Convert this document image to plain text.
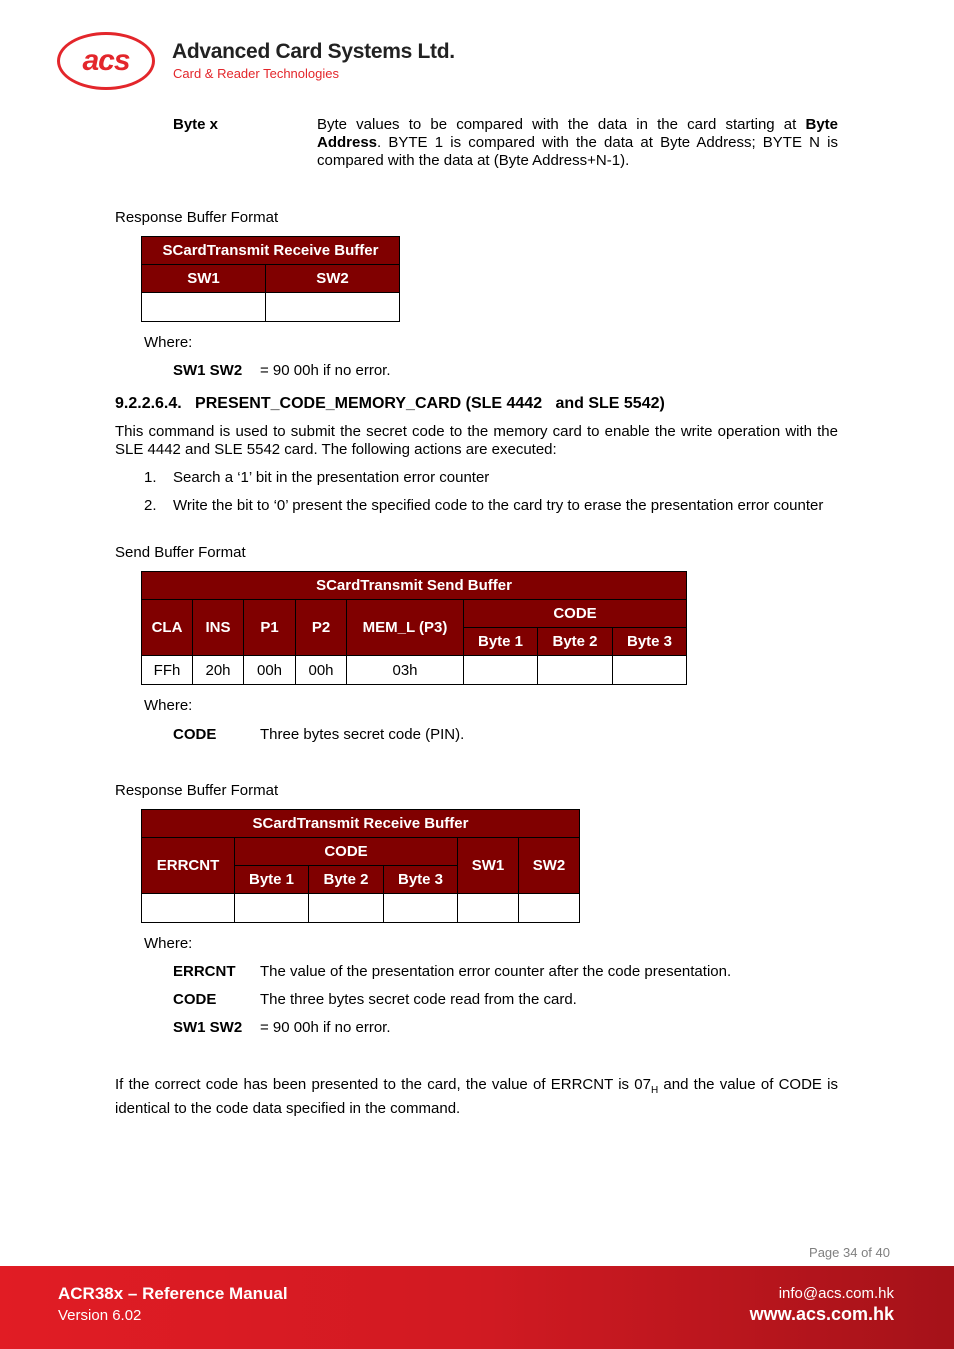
acs Advanced Card Systems Ltd.
Card & Reader Technologies
Byte x	Byte values to be compared with the data in the card starting at Byte Address. BYTE 1 is compared with the data at Byte Address; BYTE N is compared with the data at (Byte Address+N-1).
Response Buffer Format
SCardTransmit Receive Buffer	
SW1	SW2

Where:
SW1 SW2 = 90 00h if no error.
9.2.2.6.4.   PRESENT_CODE_MEMORY_CARD (SLE 4442   and SLE 5542)
This command is used to submit the secret code to the memory card to enable the write operation with the SLE 4442 and SLE 5542 card. The following actions are executed:
1. Search a ‘1’ bit in the presentation error counter
2. Write the bit to ‘0’ present the specified code to the card try to erase the presentation error counter
Send Buffer Format
SCardTransmit Send Buffer							
CLA	INS	P1	P2	MEM_L (P3)	CODE		
					Byte 1	Byte 2	Byte 3
FFh	20h	00h	00h	03h			
Where:
CODE	Three bytes secret code (PIN).
Response Buffer Format
SCardTransmit Receive Buffer					
ERRCNT	CODE			SW1	SW2
	Byte 1	Byte 2	Byte 3		

Where:
ERRCNT The value of the presentation error counter after the code presentation.
CODE	The three bytes secret code read from the card.
SW1 SW2 = 90 00h if no error.
If the correct code has been presented to the card, the value of ERRCNT is $07_H$ and the value of CODE is identical to the code data specified in the command.
Page 34 of 40
ACR38x – Reference Manual
Version 6.02
info@acs.com.hk
www.acs.com.hk
